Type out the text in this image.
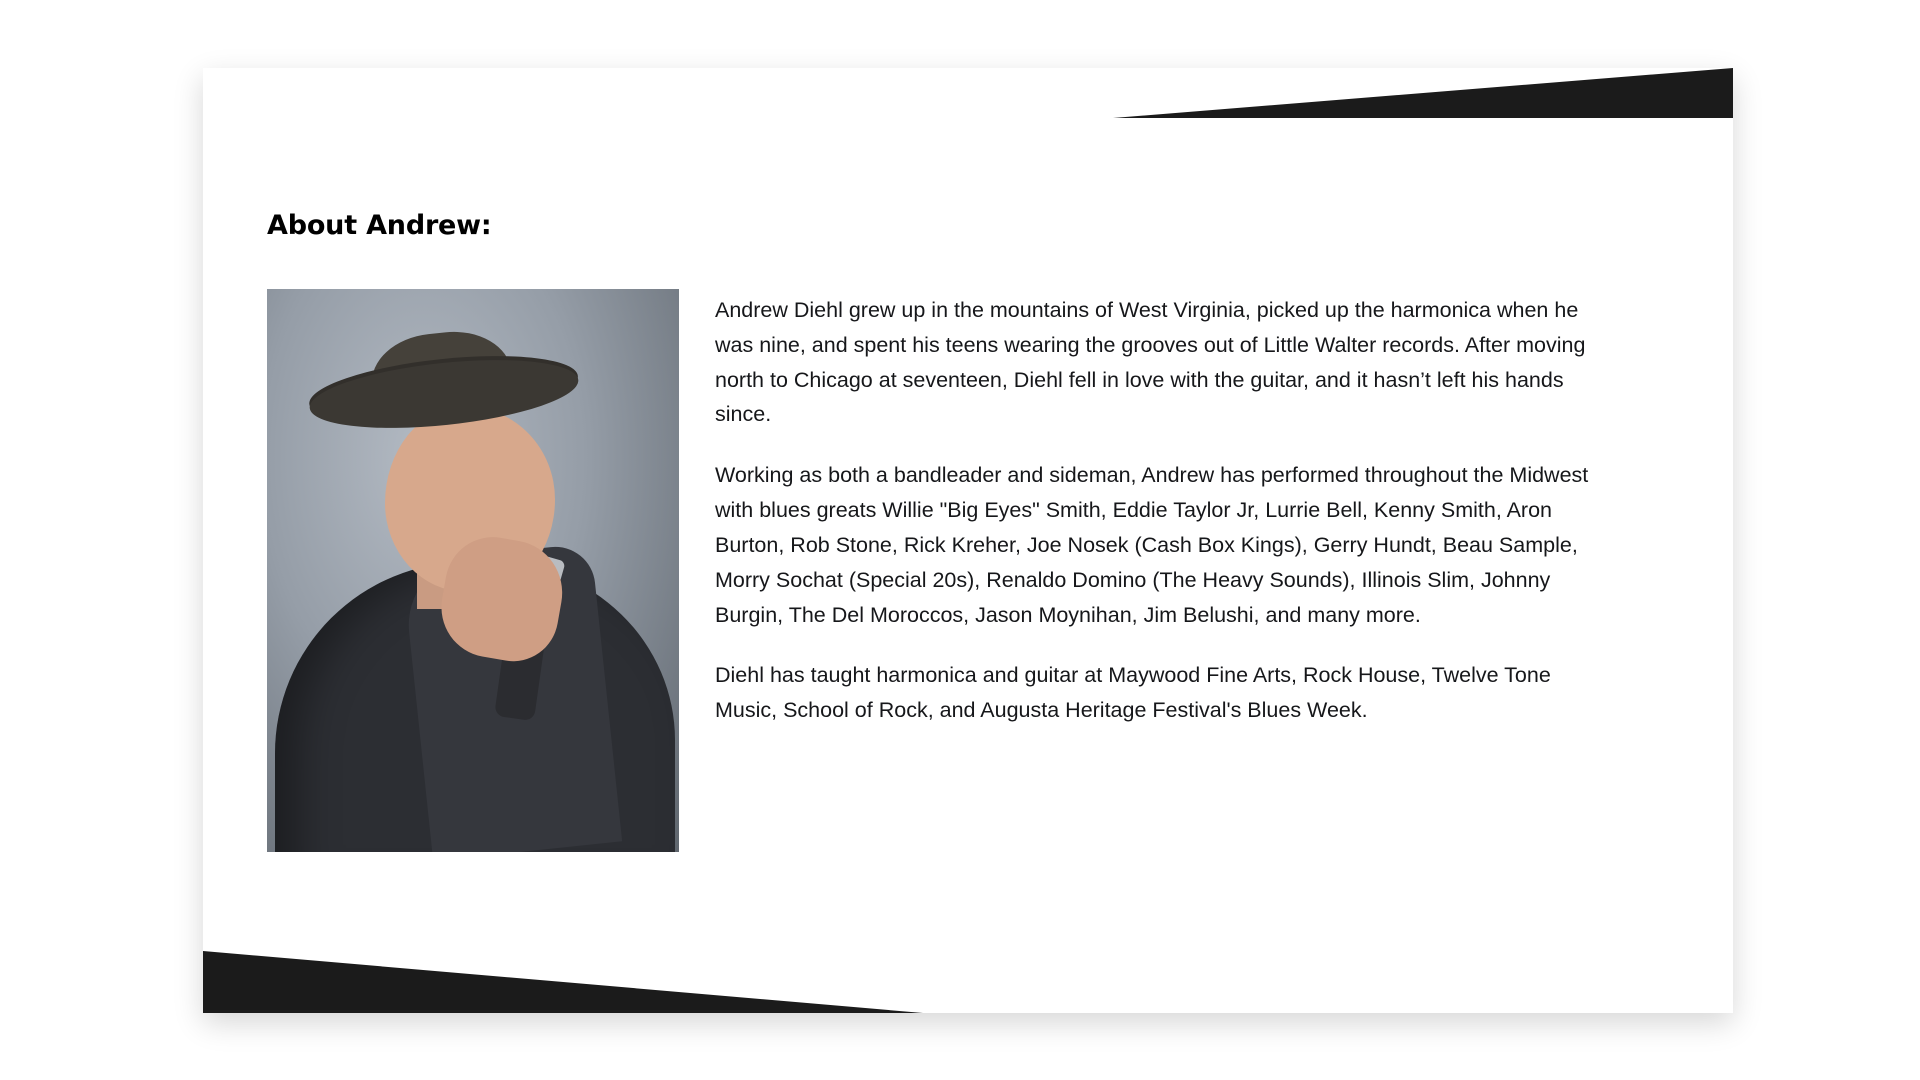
About Andrew:

Andrew Diehl grew up in the mountains of West Virginia, picked up the harmonica when he was nine, and spent his teens wearing the grooves out of Little Walter records. After moving north to Chicago at seventeen, Diehl fell in love with the guitar, and it hasn’t left his hands since.

Working as both a bandleader and sideman, Andrew has performed throughout the Midwest with blues greats Willie "Big Eyes" Smith, Eddie Taylor Jr, Lurrie Bell, Kenny Smith, Aron Burton, Rob Stone, Rick Kreher, Joe Nosek (Cash Box Kings), Gerry Hundt, Beau Sample, Morry Sochat (Special 20s), Renaldo Domino (The Heavy Sounds), Illinois Slim, Johnny Burgin, The Del Moroccos, Jason Moynihan, Jim Belushi, and many more.

Diehl has taught harmonica and guitar at Maywood Fine Arts, Rock House, Twelve Tone Music, School of Rock, and Augusta Heritage Festival's Blues Week.
